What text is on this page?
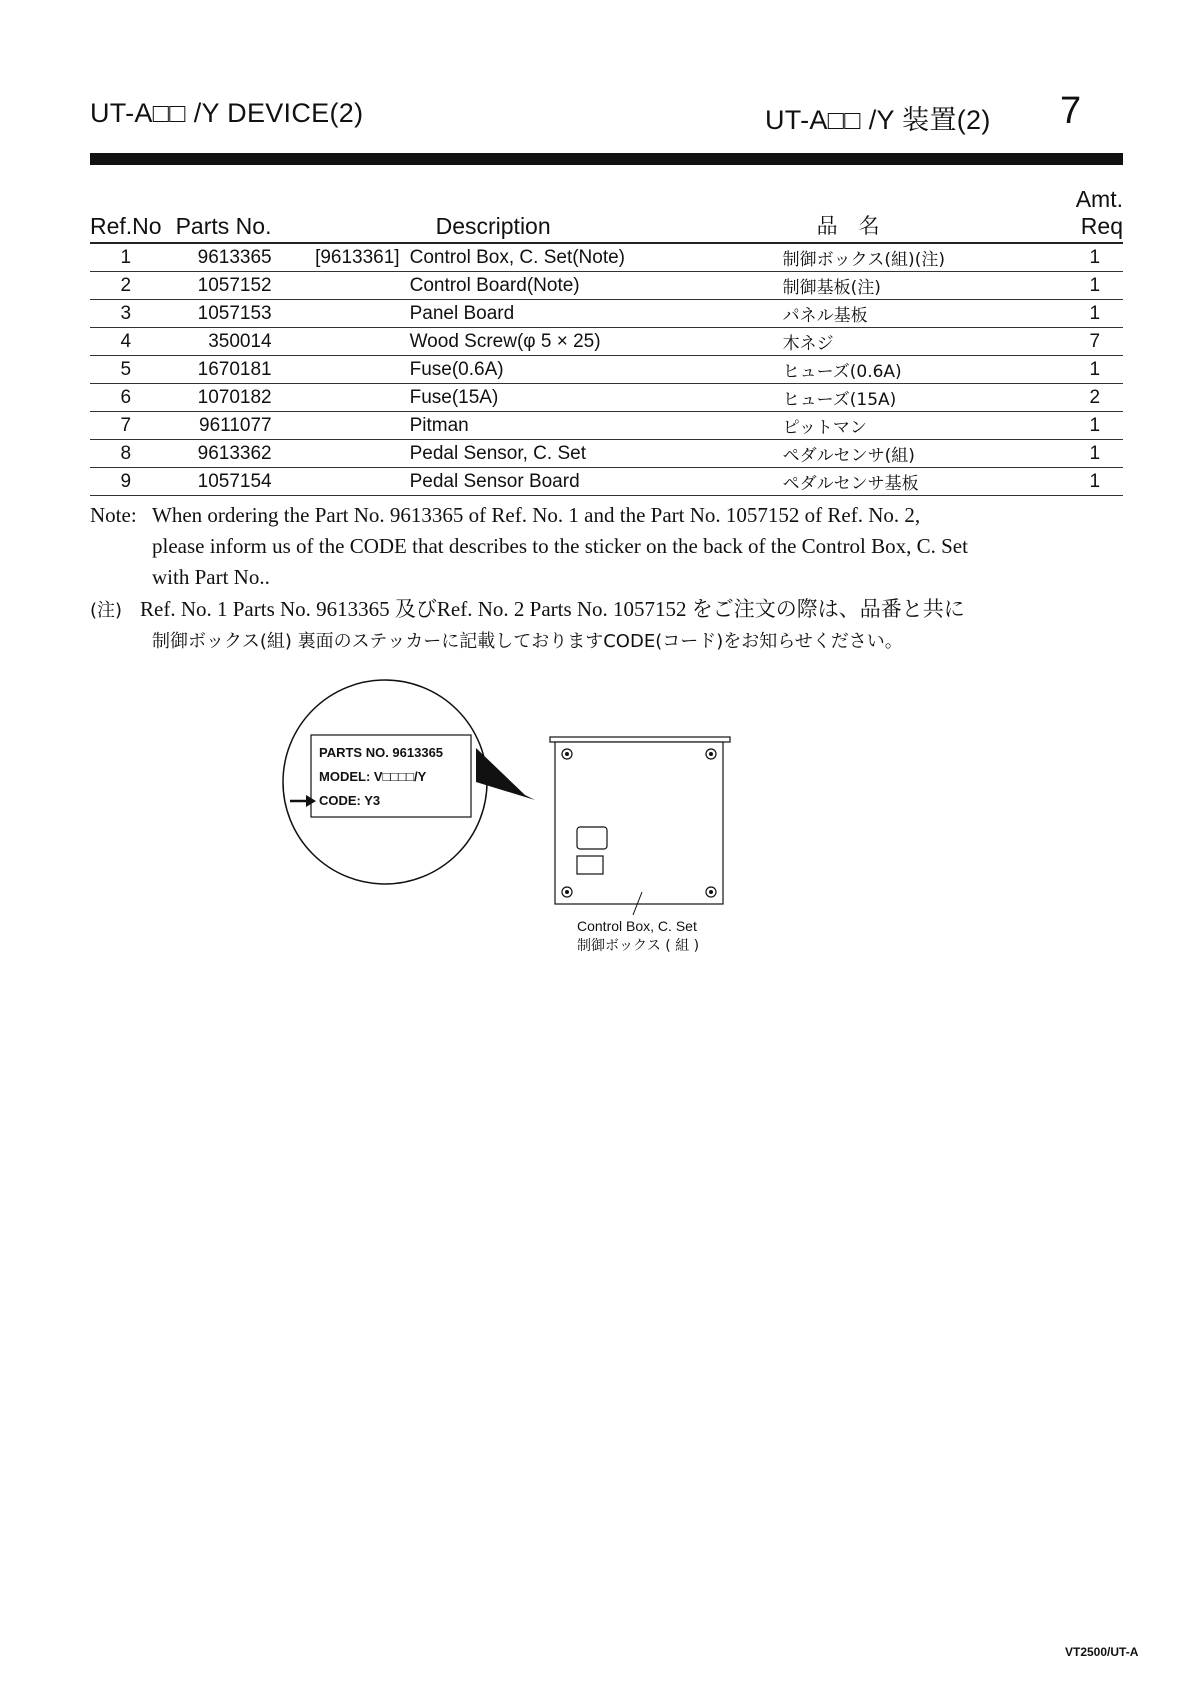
UT-A□□ /Y DEVICE(2)	UT-A□□ /Y 装置(2) 7
Ref.No	Parts No.		Description	品　名	Amt. Req
1	9613365	[9613361]	Control Box, C. Set(Note)	制御ボックス(組)(注)	1
2	1057152		Control Board(Note)	制御基板(注)	1
3	1057153		Panel Board	パネル基板	1
4	350014		Wood Screw(φ 5 × 25)	木ネジ	7
5	1670181		Fuse(0.6A)	ヒューズ(0.6A)	1
6	1070182		Fuse(15A)	ヒューズ(15A)	2
7	9611077		Pitman	ピットマン	1
8	9613362		Pedal Sensor, C. Set	ペダルセンサ(組)	1
9	1057154		Pedal Sensor Board	ペダルセンサ基板	1
Note: When ordering the Part No. 9613365 of Ref. No. 1 and the Part No. 1057152 of Ref. No. 2,
please inform us of the CODE that describes to the sticker on the back of the Control Box, C. Set
with Part No..
(注) Ref. No. 1 Parts No. 9613365 及びRef. No. 2 Parts No. 1057152 をご注文の際は、品番と共に
制御ボックス(組) 裏面のステッカーに記載しておりますCODE(コード)をお知らせください。
PARTS NO. 9613365
MODEL: V□□□□/Y
CODE: Y3
Control Box, C. Set
制御ボックス ( 組 )
VT2500/UT-A
